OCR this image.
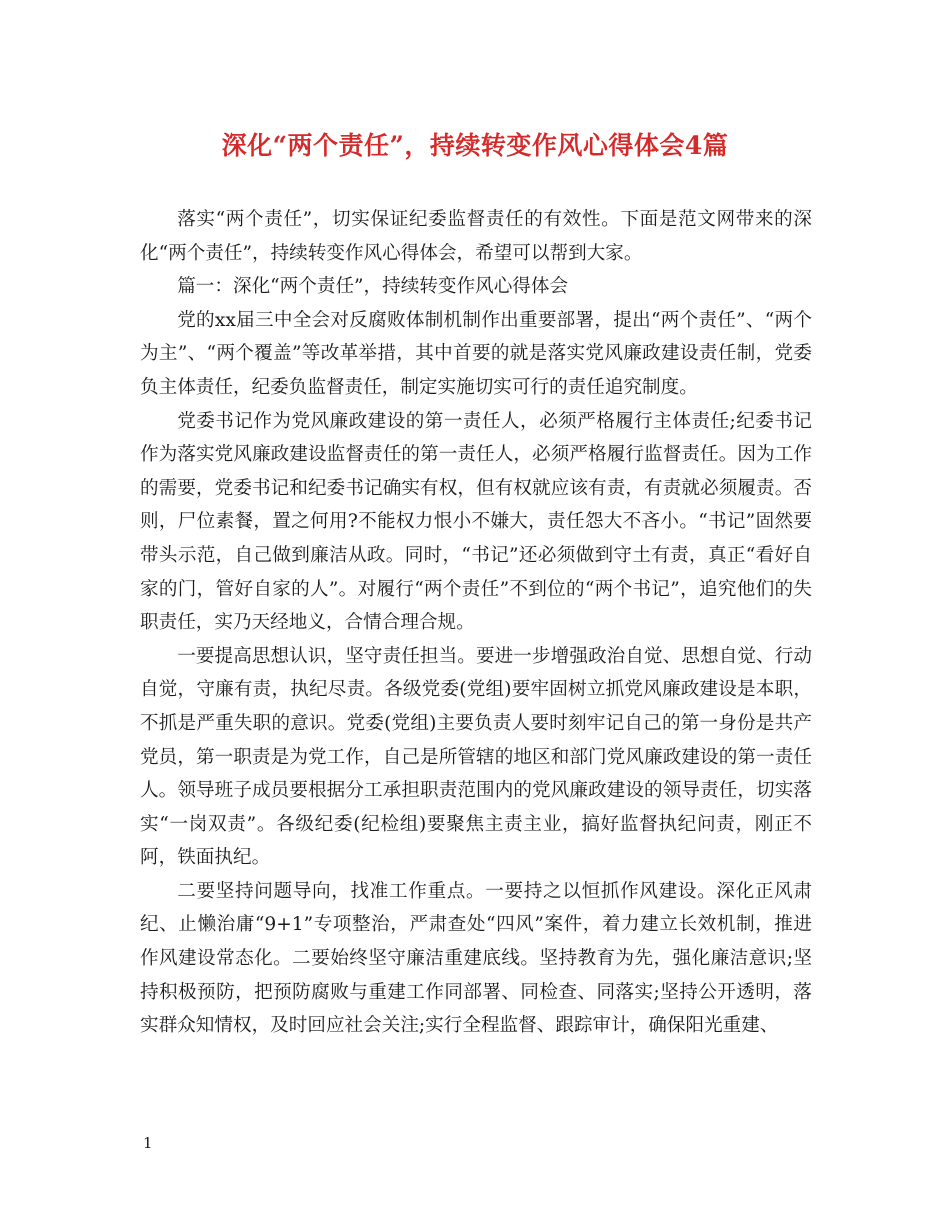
深化“两个责任”，持续转变作风心得体会4篇

落实“两个责任”，切实保证纪委监督责任的有效性。下面是范文网带来的深化“两个责任”，持续转变作风心得体会，希望可以帮到大家。

篇一：深化“两个责任”，持续转变作风心得体会

党的xx届三中全会对反腐败体制机制作出重要部署，提出“两个责任”、“两个为主”、“两个覆盖”等改革举措，其中首要的就是落实党风廉政建设责任制，党委负主体责任，纪委负监督责任，制定实施切实可行的责任追究制度。

党委书记作为党风廉政建设的第一责任人，必须严格履行主体责任;纪委书记作为落实党风廉政建设监督责任的第一责任人，必须严格履行监督责任。因为工作的需要，党委书记和纪委书记确实有权，但有权就应该有责，有责就必须履责。否则，尸位素餐，置之何用?不能权力恨小不嫌大，责任怨大不吝小。“书记”固然要带头示范，自己做到廉洁从政。同时，“书记”还必须做到守土有责，真正“看好自家的门，管好自家的人”。对履行“两个责任”不到位的“两个书记”，追究他们的失职责任，实乃天经地义，合情合理合规。

一要提高思想认识，坚守责任担当。要进一步增强政治自觉、思想自觉、行动自觉，守廉有责，执纪尽责。各级党委(党组)要牢固树立抓党风廉政建设是本职，不抓是严重失职的意识。党委(党组)主要负责人要时刻牢记自己的第一身份是共产党员，第一职责是为党工作，自己是所管辖的地区和部门党风廉政建设的第一责任人。领导班子成员要根据分工承担职责范围内的党风廉政建设的领导责任，切实落实“一岗双责”。各级纪委(纪检组)要聚焦主责主业，搞好监督执纪问责，刚正不阿，铁面执纪。

二要坚持问题导向，找准工作重点。一要持之以恒抓作风建设。深化正风肃纪、止懒治庸“9+1”专项整治，严肃查处“四风”案件，着力建立长效机制，推进作风建设常态化。二要始终坚守廉洁重建底线。坚持教育为先，强化廉洁意识;坚持积极预防，把预防腐败与重建工作同部署、同检查、同落实;坚持公开透明，落实群众知情权，及时回应社会关注;实行全程监督、跟踪审计，确保阳光重建、

1
